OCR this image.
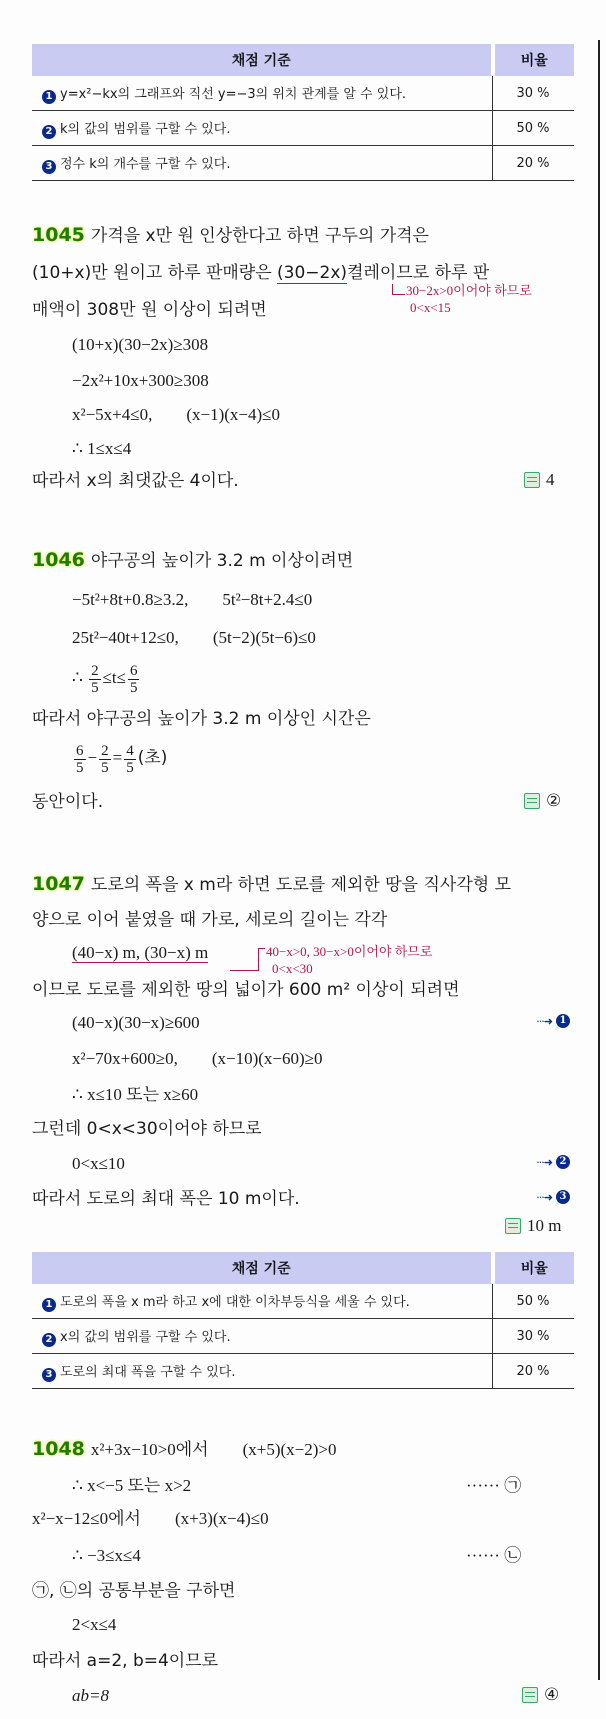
채점 기준	비율
1 y=x²−kx의 그래프와 직선 y=−3의 위치 관계를 알 수 있다.	30 %
2 k의 값의 범위를 구할 수 있다.	50 %
3 정수 k의 개수를 구할 수 있다.	20 %
1045 가격을 x만 원 인상한다고 하면 구두의 가격은
(10+x)만 원이고 하루 판매량은 (30−2x)켤레이므로 하루 판
30−2x>0이어야 하므로
0<x<15
매액이 308만 원 이상이 되려면
(10+x)(30−2x)≥308
−2x²+10x+300≥308
x²−5x+4≤0, (x−1)(x−4)≤0
∴ 1≤x≤4
따라서 x의 최댓값은 4이다.	4
1046 야구공의 높이가 3.2 m 이상이려면
−5t²+8t+0.8≥3.2, 5t²−8t+2.4≤0
25t²−40t+12≤0, (5t−2)(5t−6)≤0
∴ $\frac{2}{5} \le t\le \frac{6}{5}$
따라서 야구공의 높이가 3.2 m 이상인 시간은
$\frac{6}{5} - \frac{2}{5} = \frac{4}{5}$ (초)
동안이다.	②
1047 도로의 폭을 x m라 하면 도로를 제외한 땅을 직사각형 모
양으로 이어 붙였을 때 가로, 세로의 길이는 각각
(40−x) m, (30−x) m	40−x>0, 30−x>0이어야 하므로
0<x<30
이므로 도로를 제외한 땅의 넓이가 600 m² 이상이 되려면
(40−x)(30−x)≥600	···➜ 1
x²−70x+600≥0, (x−10)(x−60)≥0
∴ x≤10 또는 x≥60
그런데 0<x<30이어야 하므로
0<x≤10	···➜ 2
따라서 도로의 최대 폭은 10 m이다.	···➜ 3
10 m
채점 기준	비율
1 도로의 폭을 x m라 하고 x에 대한 이차부등식을 세울 수 있다.	50 %
2 x의 값의 범위를 구할 수 있다.	30 %
3 도로의 최대 폭을 구할 수 있다.	20 %
1048 x²+3x−10>0에서 (x+5)(x−2)>0
∴ x<−5 또는 x>2	······ ㉠
x²−x−12≤0에서 (x+3)(x−4)≤0
∴ −3≤x≤4	······ ㉡
㉠, ㉡의 공통부분을 구하면
2<x≤4
따라서 a=2, b=4이므로
ab=8	④
